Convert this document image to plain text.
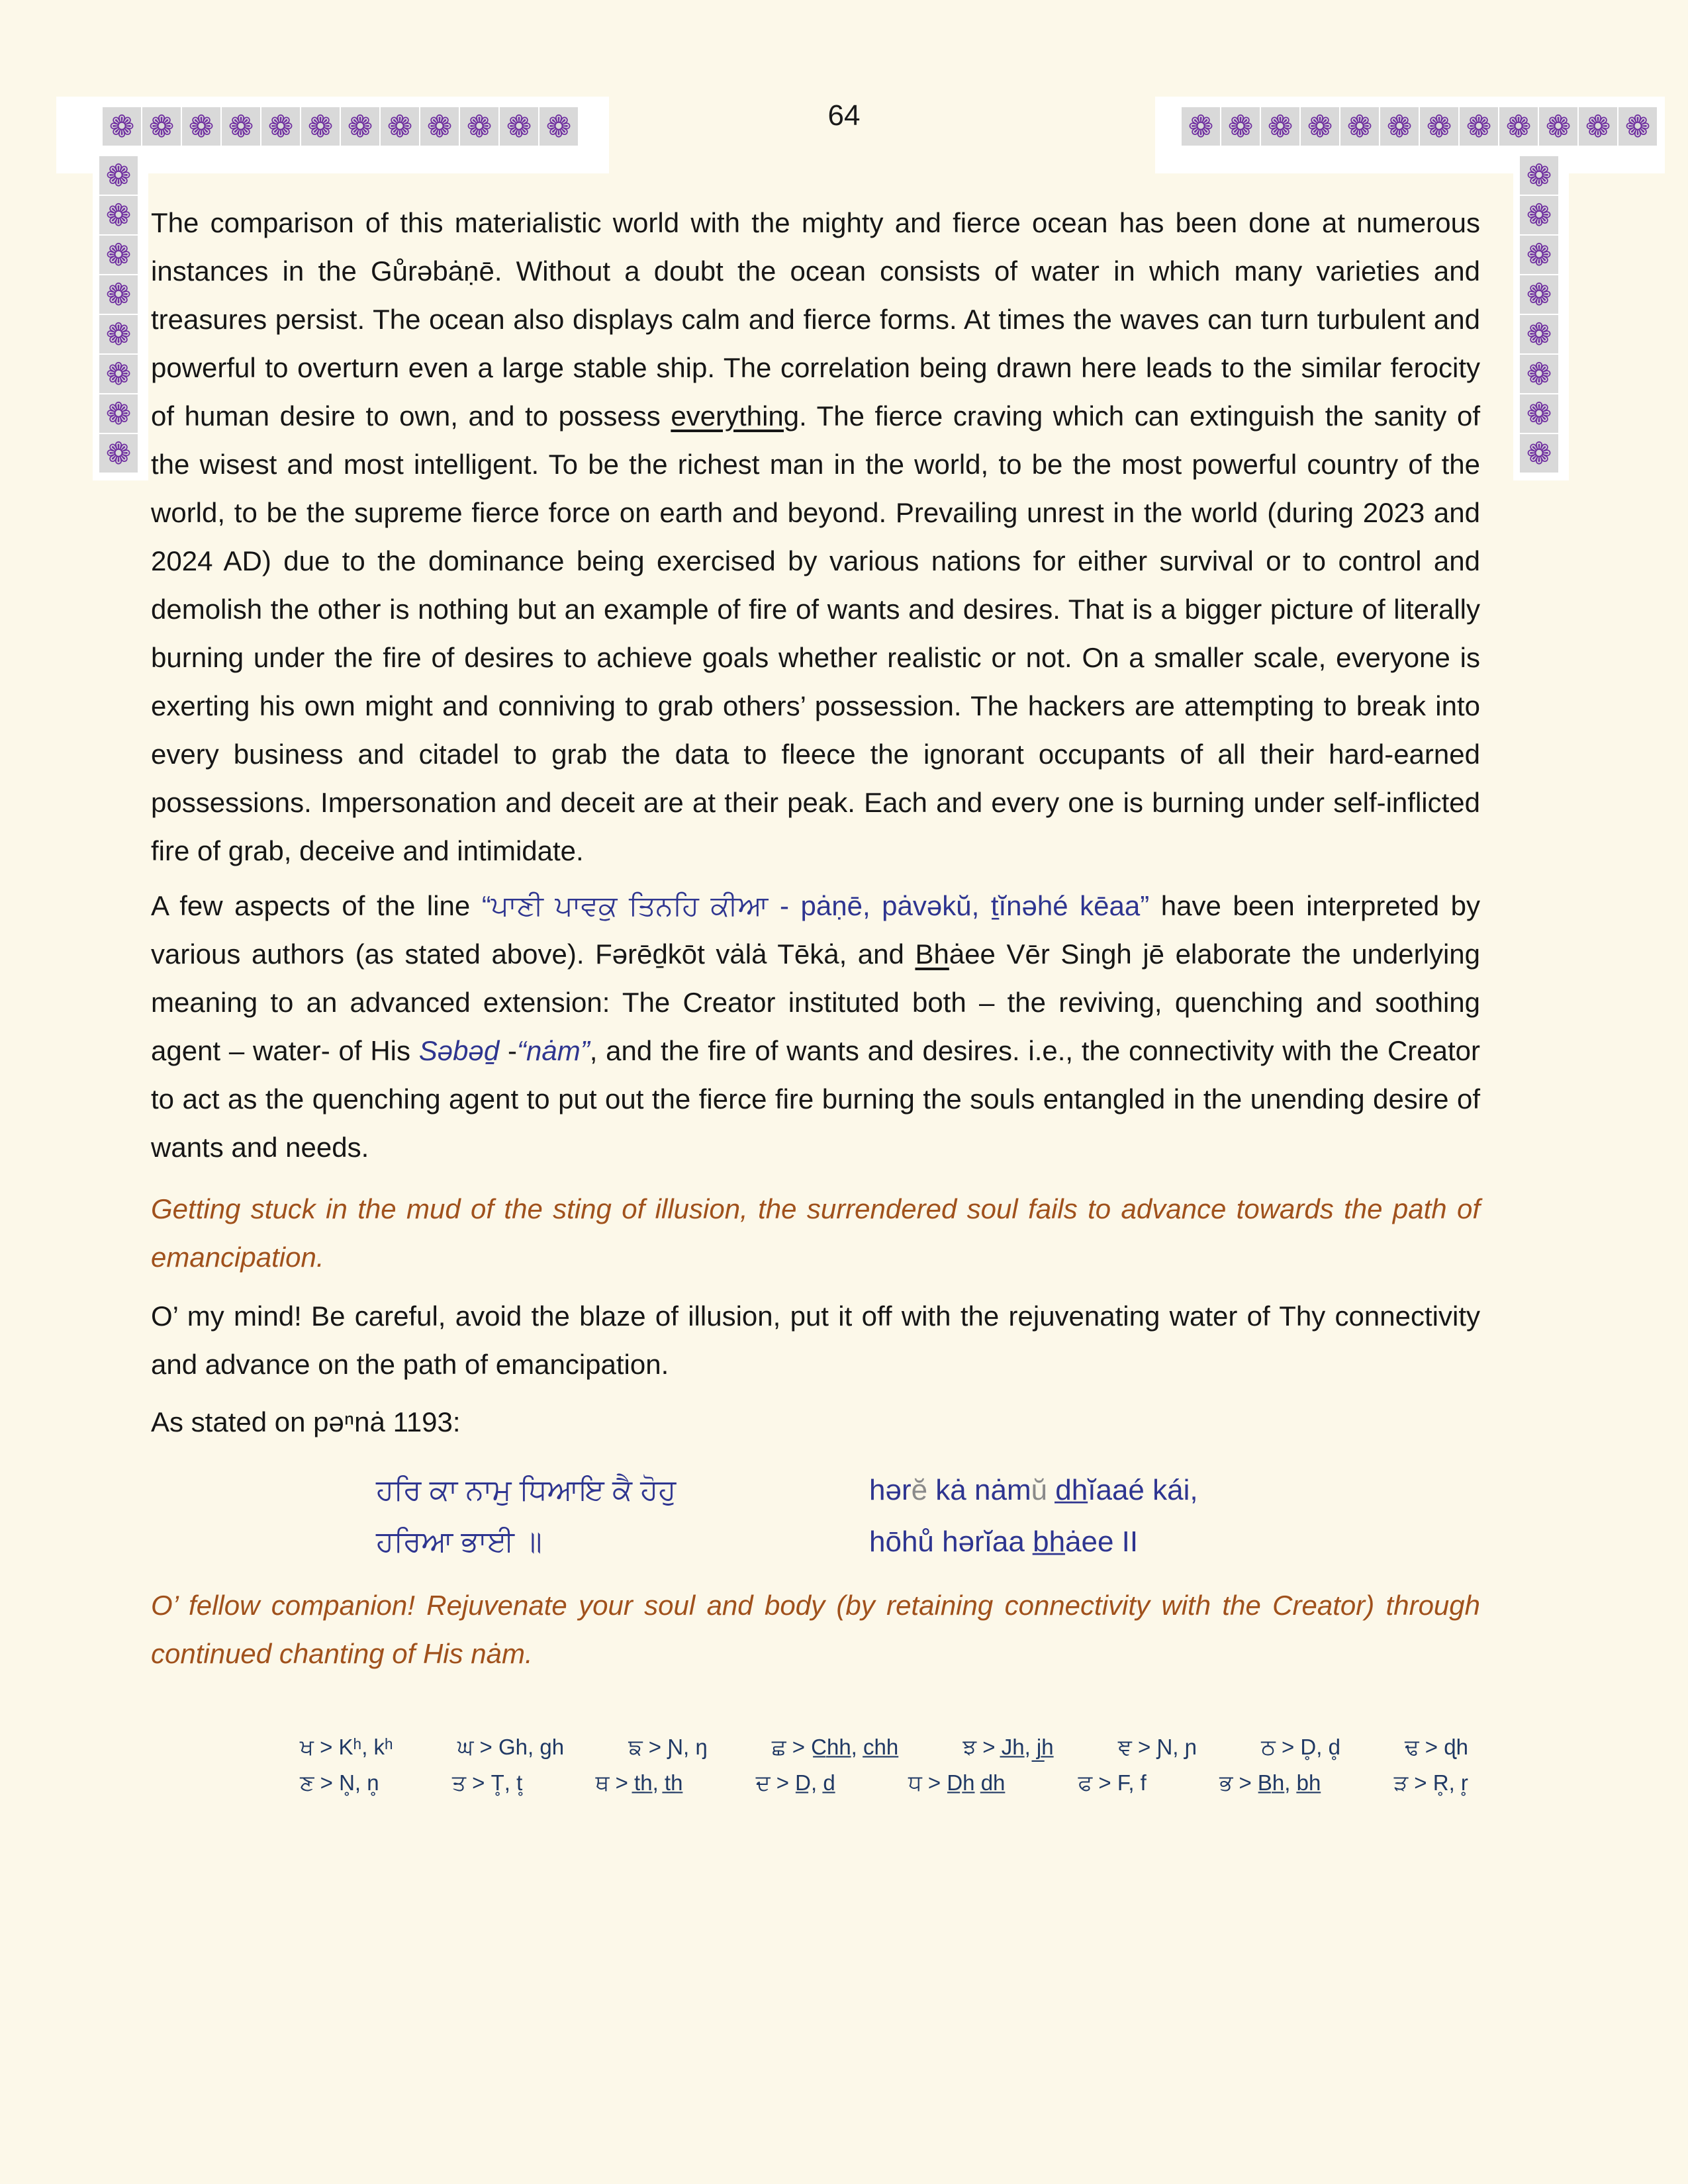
❁ ❁ ❁ ❁ ❁ ❁ ❁ ❁ ❁ ❁ ❁ ❁	❁ ❁ ❁ ❁ ❁ ❁ ❁ ❁ ❁ ❁ ❁ ❁
❁
❁
❁
❁
❁
❁
❁
❁
❁
❁
❁
❁
❁
❁
❁
❁
64

The comparison of this materialistic world with the mighty and fierce ocean has been done at numerous instances in the Gůrəbȧṇē. Without a doubt the ocean consists of water in which many varieties and treasures persist. The ocean also displays calm and fierce forms. At times the waves can turn turbulent and powerful to overturn even a large stable ship. The correlation being drawn here leads to the similar ferocity of human desire to own, and to possess everything. The fierce craving which can extinguish the sanity of the wisest and most intelligent. To be the richest man in the world, to be the most powerful country of the world, to be the supreme fierce force on earth and beyond. Prevailing unrest in the world (during 2023 and 2024 AD) due to the dominance being exercised by various nations for either survival or to control and demolish the other is nothing but an example of fire of wants and desires. That is a bigger picture of literally burning under the fire of desires to achieve goals whether realistic or not. On a smaller scale, everyone is exerting his own might and conniving to grab others’ possession. The hackers are attempting to break into every business and citadel to grab the data to fleece the ignorant occupants of all their hard-earned possessions. Impersonation and deceit are at their peak. Each and every one is burning under self-inflicted fire of grab, deceive and intimidate.

A few aspects of the line “ਪਾਣੀ ਪਾਵਕੁ ਤਿਨਹਿ ਕੀਆ - pȧṇē, pȧvəkŭ, ṯĭnəhé kēaa” have been interpreted by various authors (as stated above). Fərēḏkōt vȧlȧ Tēkȧ, and Bhȧee Vēr Singh jē elaborate the underlying meaning to an advanced extension: The Creator instituted both – the reviving, quenching and soothing agent – water- of His Səbəḏ -“nȧm”, and the fire of wants and desires. i.e., the connectivity with the Creator to act as the quenching agent to put out the fierce fire burning the souls entangled in the unending desire of wants and needs.

Getting stuck in the mud of the sting of illusion, the surrendered soul fails to advance towards the path of emancipation.

O’ my mind! Be careful, avoid the blaze of illusion, put it off with the rejuvenating water of Thy connectivity and advance on the path of emancipation.

As stated on pəⁿnȧ 1193:

ਹਰਿ ਕਾ ਨਾਮੁ ਧਿਆਇ ਕੈ ਹੋਹੁ
ਹਰਿਆ ਭਾਈ ॥
hərĕ kȧ nȧmŭ d̲h̲ĭaaé kái,
hōhů hərĭaa b̲h̲ȧee II

O’ fellow companion! Rejuvenate your soul and body (by retaining connectivity with the Creator) through continued chanting of His nȧm.

ਖ > Kʰ, kʰ	ਘ > Gh, gh	ਙ > Ɲ, ŋ	ਛ > C̲h̲h̲, c̲h̲h̲	ਝ > J̲h̲, j̲h̲	ਞ > Ɲ, ɲ	ਠ > D̥, d̥	ਢ > ɖh
ਣ > N̥, n̥	ਤ > T̥, t̥	ਥ > t̲h̲, t̲h̲	ਦ > D̲, d̲	ਧ > D̲h̲ d̲h̲	ਫ > F, f	ਭ > B̲h̲, b̲h̲	ੜ > R̥, r̥
